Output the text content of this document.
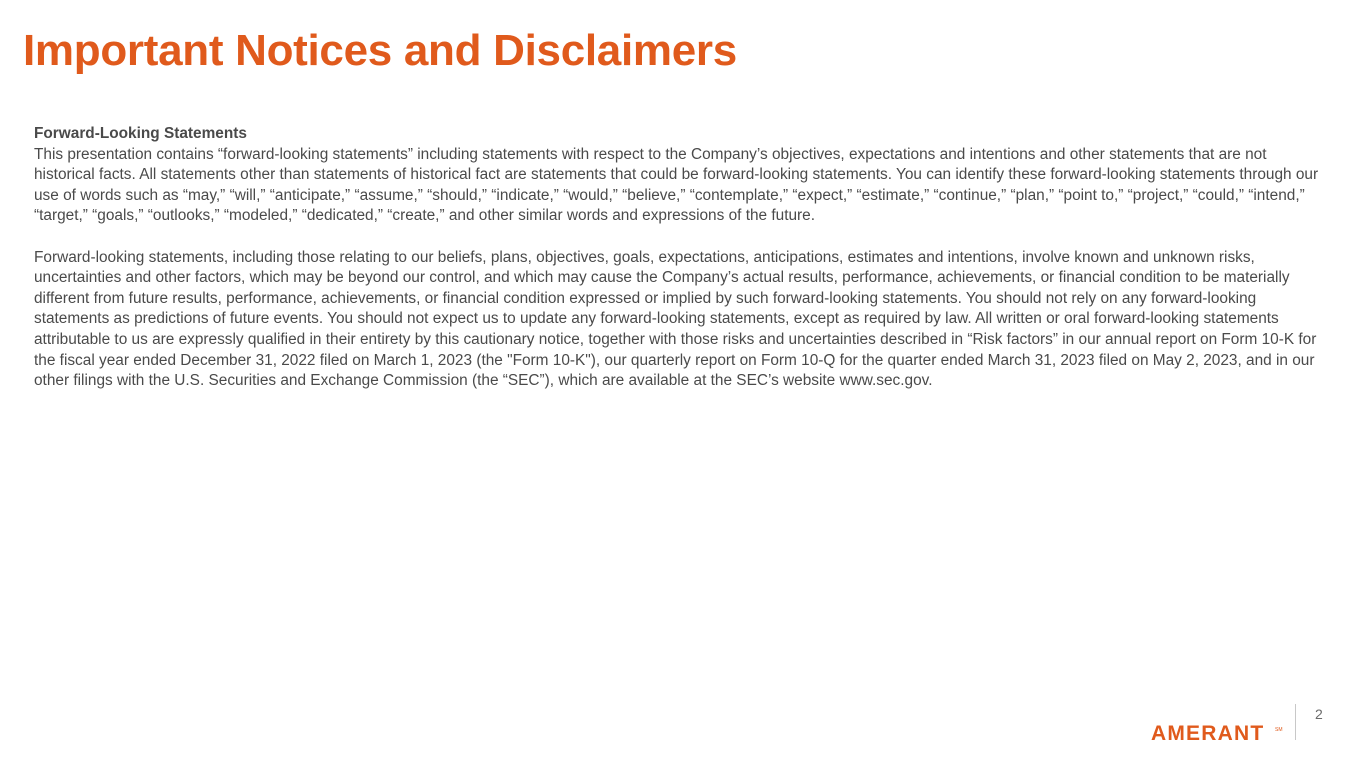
Important Notices and Disclaimers

Forward-Looking Statements

This presentation contains “forward-looking statements” including statements with respect to the Company’s objectives, expectations and intentions and other statements that are not historical facts. All statements other than statements of historical fact are statements that could be forward-looking statements. You can identify these forward-looking statements through our use of words such as “may,” “will,” “anticipate,” “assume,” “should,” “indicate,” “would,” “believe,” “contemplate,” “expect,” “estimate,” “continue,” “plan,” “point to,” “project,” “could,” “intend,” “target,” “goals,” “outlooks,” “modeled,” “dedicated,” “create,” and other similar words and expressions of the future.

Forward-looking statements, including those relating to our beliefs, plans, objectives, goals, expectations, anticipations, estimates and intentions, involve known and unknown risks, uncertainties and other factors, which may be beyond our control, and which may cause the Company’s actual results, performance, achievements, or financial condition to be materially different from future results, performance, achievements, or financial condition expressed or implied by such forward-looking statements. You should not rely on any forward-looking statements as predictions of future events. You should not expect us to update any forward-looking statements, except as required by law. All written or oral forward-looking statements attributable to us are expressly qualified in their entirety by this cautionary notice, together with those risks and uncertainties described in “Risk factors” in our annual report on Form 10-K for the fiscal year ended December 31, 2022 filed on March 1, 2023 (the "Form 10-K"), our quarterly report on Form 10-Q for the quarter ended March 31, 2023 filed on May 2, 2023, and in our other filings with the U.S. Securities and Exchange Commission (the “SEC”), which are available at the SEC’s website www.sec.gov.

AMERANT SM
2
